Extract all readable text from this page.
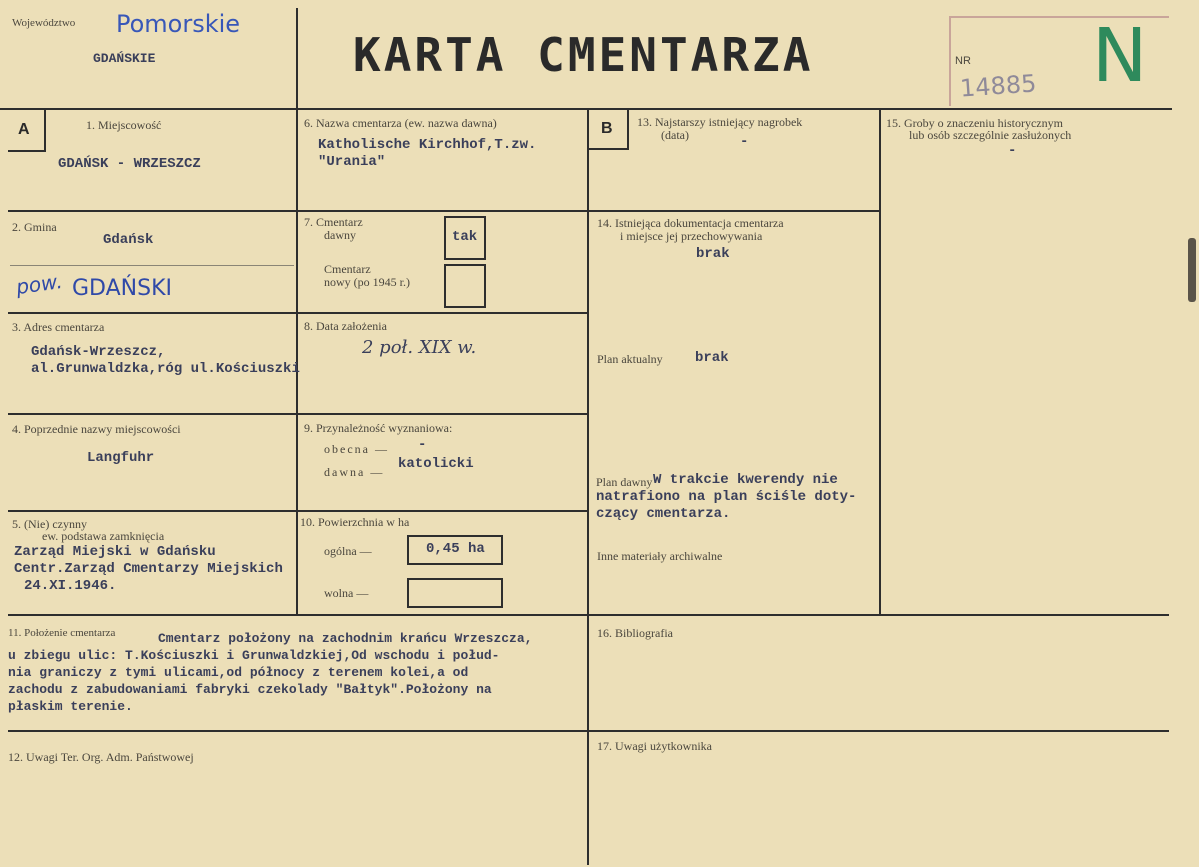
Województwo Pomorskie
GDAŃSKIE	KARTA CMENTARZA	NR
14885 N
A	B
1. Miejscowość
GDAŃSK - WRZESZCZ
2. Gmina
Gdańsk
pow. GDAŃSKI
3. Adres cmentarza
Gdańsk-Wrzeszcz,
al.Grunwaldzka,róg ul.Kościuszki
4. Poprzednie nazwy miejscowości
Langfuhr
5. (Nie) czynny
ew. podstawa zamknięcia
Zarząd Miejski w Gdańsku
Centr.Zarząd Cmentarzy Miejskich
24.XI.1946.
6. Nazwa cmentarza (ew. nazwa dawna)
Katholische Kirchhof,T.zw.
"Urania"
7. Cmentarz
dawny	tak
Cmentarz
nowy (po 1945 r.)
8. Data założenia
2 poł. XIX w.
9. Przynależność wyznaniowa:
obecna — -
dawna — katolicki
10. Powierzchnia w ha
ogólna —	0,45 ha
wolna —
11. Położenie cmentarza	Cmentarz położony na zachodnim krańcu Wrzeszcza,
u zbiegu ulic: T.Kościuszki i Grunwaldzkiej,Od wschodu i połud-
nia graniczy z tymi ulicami,od północy z terenem kolei,a od
zachodu z zabudowaniami fabryki czekolady "Bałtyk".Położony na
płaskim terenie.
12. Uwagi Ter. Org. Adm. Państwowej
13. Najstarszy istniejący nagrobek
(data)	-
14. Istniejąca dokumentacja cmentarza
i miejsce jej przechowywania
brak
Plan aktualny brak
Plan dawny W trakcie kwerendy nie
natrafiono na plan ściśle doty-
czący cmentarza.
Inne materiały archiwalne
15. Groby o znaczeniu historycznym
lub osób szczególnie zasłużonych
-
16. Bibliografia
17. Uwagi użytkownika
